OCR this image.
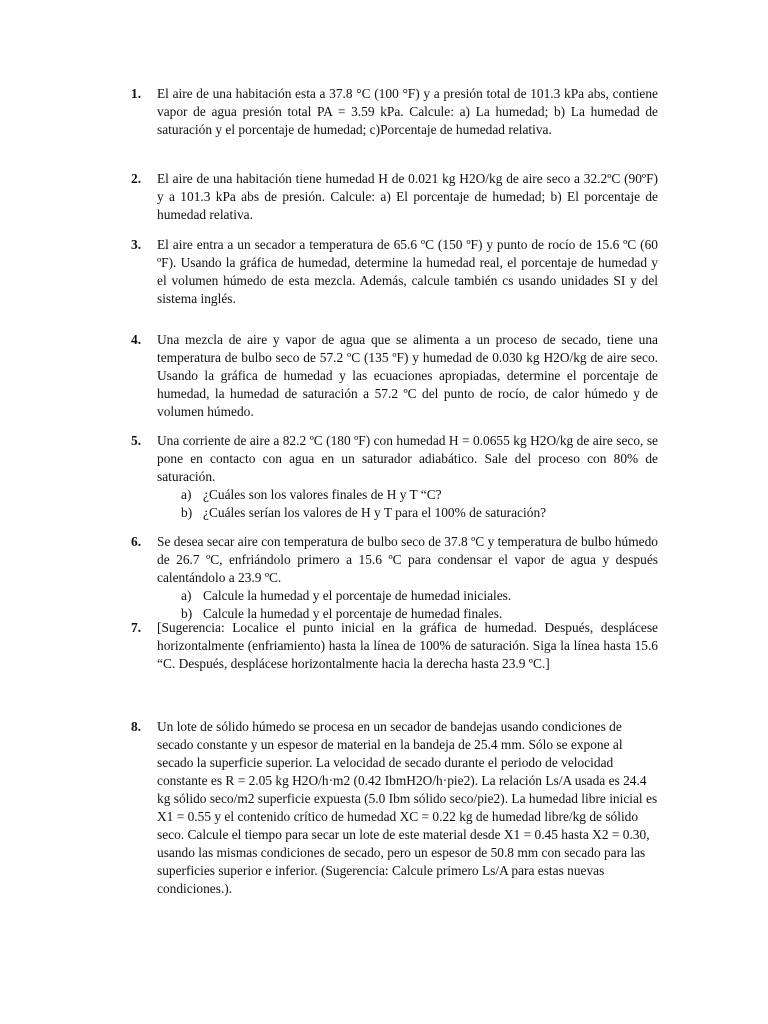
1.	El aire de una habitación esta a 37.8 °C (100 °F) y a presión total de 101.3 kPa abs, contiene vapor de agua presión total PA = 3.59 kPa. Calcule: a) La humedad; b) La humedad de saturación y el porcentaje de humedad; c)Porcentaje de humedad relativa.
2.	El aire de una habitación tiene humedad H de 0.021 kg H2O/kg de aire seco a 32.2ºC (90ºF) y a 101.3 kPa abs de presión. Calcule: a) El porcentaje de humedad; b) El porcentaje de humedad relativa.
3.	El aire entra a un secador a temperatura de 65.6 ºC (150 ºF) y punto de rocío de 15.6 ºC (60 ºF). Usando la gráfica de humedad, determine la humedad real, el porcentaje de humedad y el volumen húmedo de esta mezcla. Además, calcule también cs usando unidades SI y del sistema inglés.
4.	Una mezcla de aire y vapor de agua que se alimenta a un proceso de secado, tiene una temperatura de bulbo seco de 57.2 ºC (135 ºF) y humedad de 0.030 kg H2O/kg de aire seco. Usando la gráfica de humedad y las ecuaciones apropiadas, determine el porcentaje de humedad, la humedad de saturación a 57.2 ºC del punto de rocío, de calor húmedo y de volumen húmedo.
5.	Una corriente de aire a 82.2 ºC (180 ºF) con humedad H = 0.0655 kg H2O/kg de aire seco, se pone en contacto con agua en un saturador adiabático. Sale del proceso con 80% de saturación.
a) ¿Cuáles son los valores finales de H y T “C?
b) ¿Cuáles serían los valores de H y T para el 100% de saturación?
6.	Se desea secar aire con temperatura de bulbo seco de 37.8 ºC y temperatura de bulbo húmedo de 26.7 ºC, enfriándolo primero a 15.6 ºC para condensar el vapor de agua y después calentándolo a 23.9 ºC.
a) Calcule la humedad y el porcentaje de humedad iniciales.
b) Calcule la humedad y el porcentaje de humedad finales.
7.	[Sugerencia: Localice el punto inicial en la gráfica de humedad. Después, desplácese horizontalmente (enfriamiento) hasta la línea de 100% de saturación. Siga la línea hasta 15.6 “C. Después, desplácese horizontalmente hacia la derecha hasta 23.9 ºC.]
8.	Un lote de sólido húmedo se procesa en un secador de bandejas usando condiciones de secado constante y un espesor de material en la bandeja de 25.4 mm. Sólo se expone al secado la superficie superior. La velocidad de secado durante el periodo de velocidad constante es R = 2.05 kg H2O/h·m2 (0.42 IbmH2O/h·pie2). La relación Ls/A usada es 24.4 kg sólido seco/m2 superficie expuesta (5.0 Ibm sólido seco/pie2). La humedad libre inicial es X1 = 0.55 y el contenido crítico de humedad XC = 0.22 kg de humedad libre/kg de sólido seco. Calcule el tiempo para secar un lote de este material desde X1 = 0.45 hasta X2 = 0.30, usando las mismas condiciones de secado, pero un espesor de 50.8 mm con secado para las superficies superior e inferior. (Sugerencia: Calcule primero Ls/A para estas nuevas condiciones.).
